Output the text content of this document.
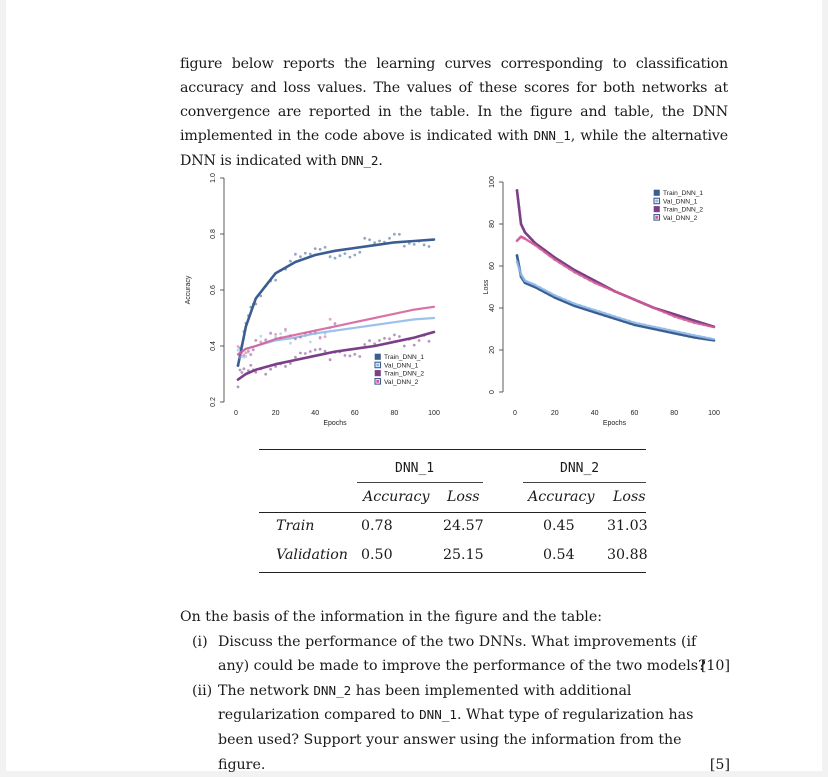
figure below reports the learning curves corresponding to classification accuracy and loss values. The values of these scores for both networks at convergence are reported in the table. In the figure and table, the DNN implemented in the code above is indicated with DNN_1, while the alternative DNN is indicated with DNN_2.

0.2
0.4
0.6
0.8
1.0
0	20	40	60	80	100
Epochs
Accuracy
Train_DNN_1
Val_DNN_1
Train_DNN_2
Val_DNN_2
0
20
40
60
80
100
0	20	40	60	80	100
Epochs
Loss
Train_DNN_1
Val_DNN_1
Train_DNN_2
Val_DNN_2
DNN_1	DNN_2
Accuracy Loss	Accuracy Loss
Train	0.78	24.57	0.45 31.03
Validation 0.50	25.15	0.54 30.88

On the basis of the information in the figure and the table:

(i) Discuss the performance of the two DNNs. What improvements (if any) could be made to improve the performance of the two models?
[10]
(ii) The network DNN_2 has been implemented with additional regularization compared to DNN_1. What type of regularization has been used? Support your answer using the information from the figure.	[5]
